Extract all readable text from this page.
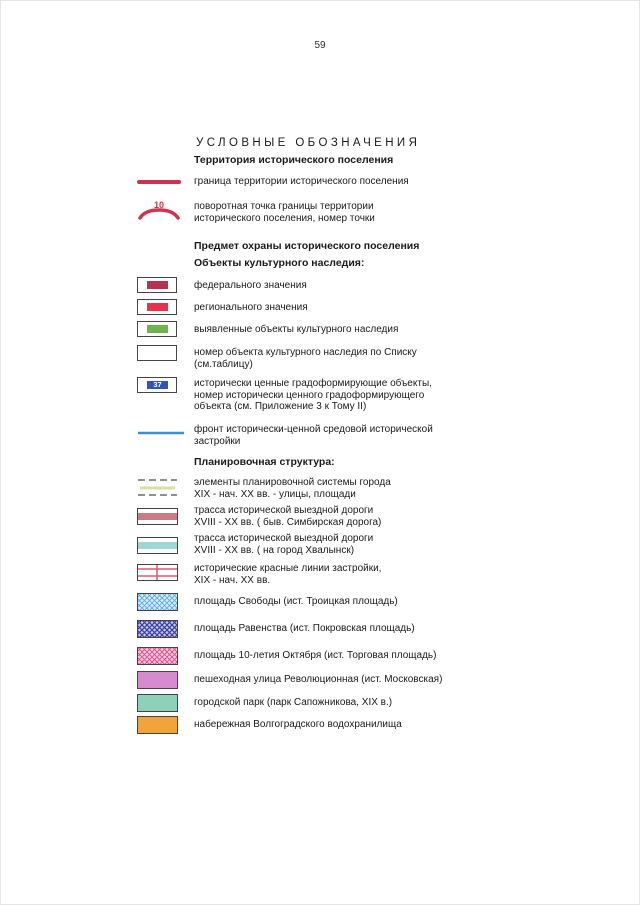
59
УСЛОВНЫЕ ОБОЗНАЧЕНИЯ
Территория исторического поселения
граница территории исторического поселения
10	поворотная точка границы территории
исторического поселения, номер точки
Предмет охраны исторического поселения
Объекты культурного наследия:
федерального значения
регионального значения
выявленные объекты культурного наследия
номер объекта культурного наследия по Списку
(см.таблицу)
37	исторически ценные градоформирующие объекты,
номер исторически ценного градоформирующего
объекта (см. Приложение 3 к Тому II)
фронт исторически-ценной средовой исторической
застройки
Планировочная структура:
элементы планировочной системы города
XIX - нач. XX вв. - улицы, площади
трасса исторической выездной дороги
XVIII - XX вв. ( быв. Симбирская дорога)
трасса исторической выездной дороги
XVIII - XX вв. ( на город Хвалынск)
исторические красные линии застройки,
XIX - нач. XX вв.
площадь Свободы (ист. Троицкая площадь)
площадь Равенства (ист. Покровская площадь)
площадь 10-летия Октября (ист. Торговая площадь)
пешеходная улица Революционная (ист. Московская)
городской парк (парк Сапожникова, XIX в.)
набережная Волгоградского водохранилища
